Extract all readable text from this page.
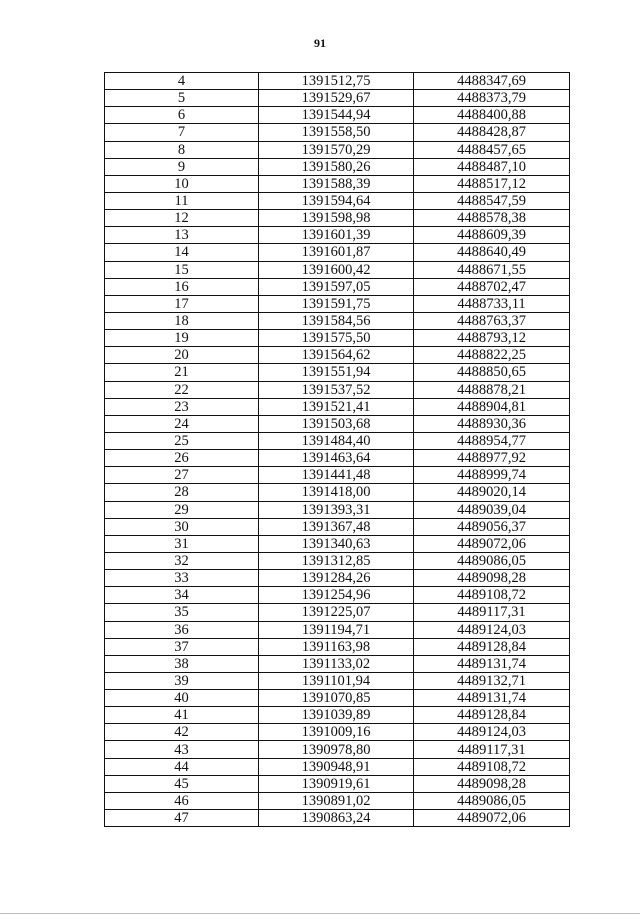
91
4	1391512,75	4488347,69
5	1391529,67	4488373,79
6	1391544,94	4488400,88
7	1391558,50	4488428,87
8	1391570,29	4488457,65
9	1391580,26	4488487,10
10	1391588,39	4488517,12
11	1391594,64	4488547,59
12	1391598,98	4488578,38
13	1391601,39	4488609,39
14	1391601,87	4488640,49
15	1391600,42	4488671,55
16	1391597,05	4488702,47
17	1391591,75	4488733,11
18	1391584,56	4488763,37
19	1391575,50	4488793,12
20	1391564,62	4488822,25
21	1391551,94	4488850,65
22	1391537,52	4488878,21
23	1391521,41	4488904,81
24	1391503,68	4488930,36
25	1391484,40	4488954,77
26	1391463,64	4488977,92
27	1391441,48	4488999,74
28	1391418,00	4489020,14
29	1391393,31	4489039,04
30	1391367,48	4489056,37
31	1391340,63	4489072,06
32	1391312,85	4489086,05
33	1391284,26	4489098,28
34	1391254,96	4489108,72
35	1391225,07	4489117,31
36	1391194,71	4489124,03
37	1391163,98	4489128,84
38	1391133,02	4489131,74
39	1391101,94	4489132,71
40	1391070,85	4489131,74
41	1391039,89	4489128,84
42	1391009,16	4489124,03
43	1390978,80	4489117,31
44	1390948,91	4489108,72
45	1390919,61	4489098,28
46	1390891,02	4489086,05
47	1390863,24	4489072,06
